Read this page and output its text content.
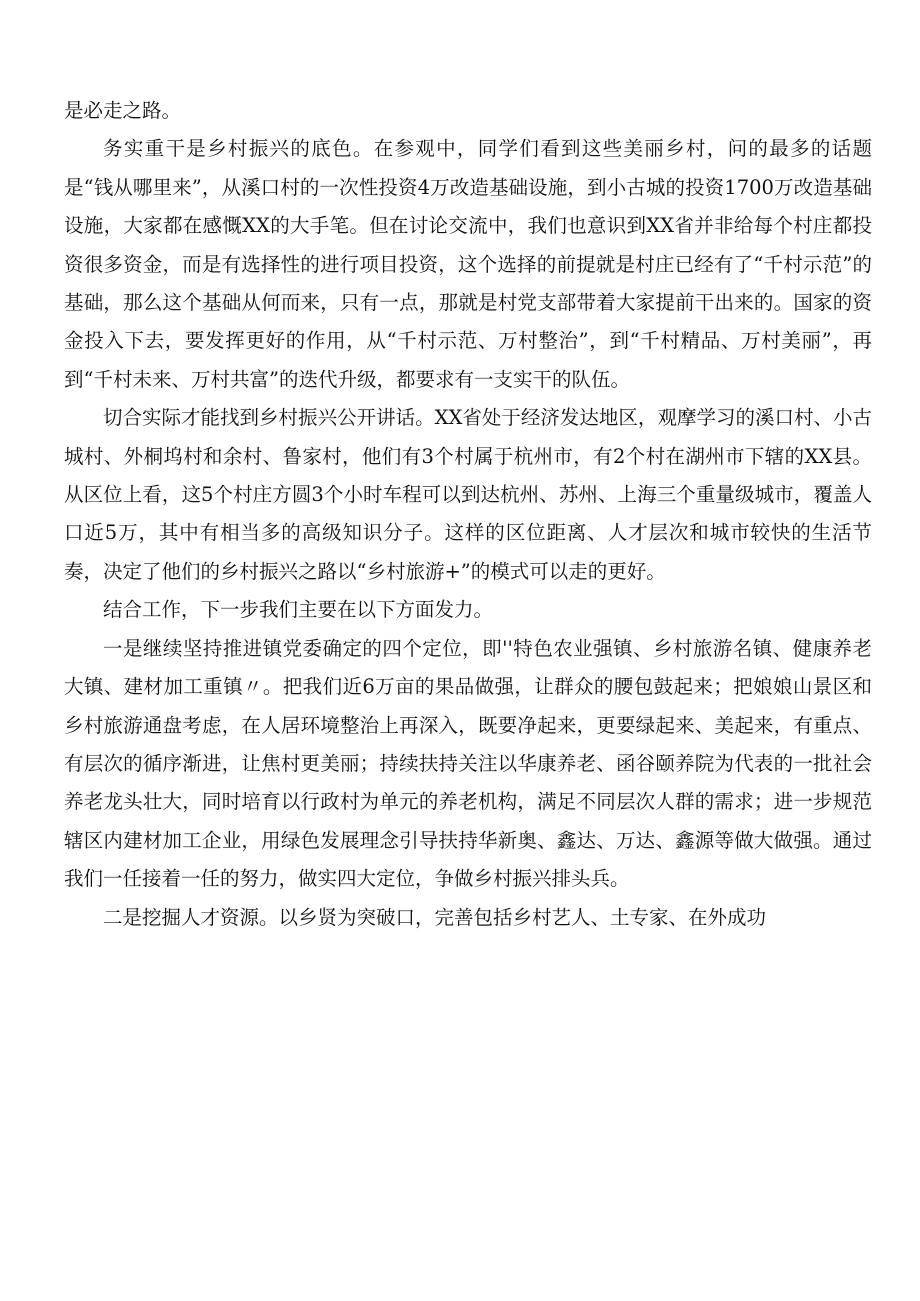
是必走之路。

务实重干是乡村振兴的底色。在参观中，同学们看到这些美丽乡村，问的最多的话题是“钱从哪里来”，从溪口村的一次性投资4万改造基础设施，到小古城的投资1700万改造基础设施，大家都在感慨XX的大手笔。但在讨论交流中，我们也意识到XX省并非给每个村庄都投资很多资金，而是有选择性的进行项目投资，这个选择的前提就是村庄已经有了“千村示范”的基础，那么这个基础从何而来，只有一点，那就是村党支部带着大家提前干出来的。国家的资金投入下去，要发挥更好的作用，从“千村示范、万村整治”，到“千村精品、万村美丽”，再到“千村未来、万村共富”的迭代升级，都要求有一支实干的队伍。

切合实际才能找到乡村振兴公开讲话。XX省处于经济发达地区，观摩学习的溪口村、小古城村、外桐坞村和余村、鲁家村，他们有3个村属于杭州市，有2个村在湖州市下辖的XX县。从区位上看，这5个村庄方圆3个小时车程可以到达杭州、苏州、上海三个重量级城市，覆盖人口近5万，其中有相当多的高级知识分子。这样的区位距离、人才层次和城市较快的生活节奏，决定了他们的乡村振兴之路以“乡村旅游+”的模式可以走的更好。

结合工作，下一步我们主要在以下方面发力。

一是继续坚持推进镇党委确定的四个定位，即''特色农业强镇、乡村旅游名镇、健康养老大镇、建材加工重镇〃。把我们近6万亩的果品做强，让群众的腰包鼓起来；把娘娘山景区和乡村旅游通盘考虑，在人居环境整治上再深入，既要净起来，更要绿起来、美起来，有重点、有层次的循序渐进，让焦村更美丽；持续扶持关注以华康养老、函谷颐养院为代表的一批社会养老龙头壮大，同时培育以行政村为单元的养老机构，满足不同层次人群的需求；进一步规范辖区内建材加工企业，用绿色发展理念引导扶持华新奥、鑫达、万达、鑫源等做大做强。通过我们一任接着一任的努力，做实四大定位，争做乡村振兴排头兵。

二是挖掘人才资源。以乡贤为突破口，完善包括乡村艺人、土专家、在外成功
